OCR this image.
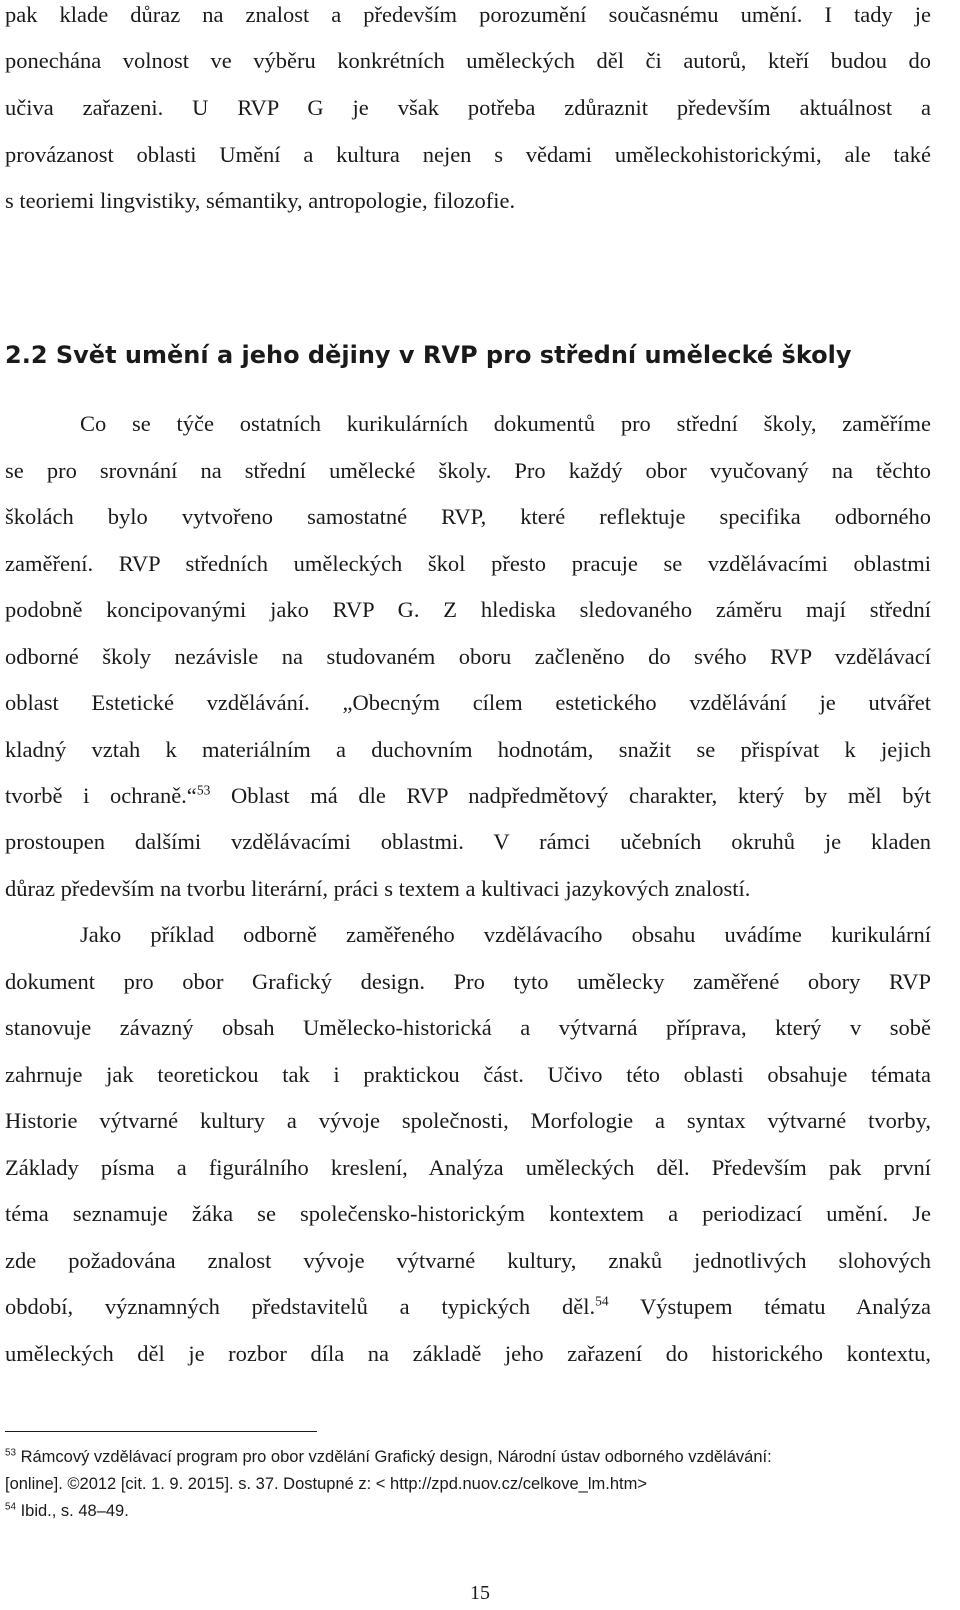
pak klade důraz na znalost a především porozumění současnému umění. I tady je
ponechána volnost ve výběru konkrétních uměleckých děl či autorů, kteří budou do
učiva zařazeni. U RVP G je však potřeba zdůraznit především aktuálnost a
provázanost oblasti Umění a kultura nejen s vědami uměleckohistorickými, ale také
s teoriemi lingvistiky, sémantiky, antropologie, filozofie.
2.2 Svět umění a jeho dějiny v RVP pro střední umělecké školy
Co se týče ostatních kurikulárních dokumentů pro střední školy, zaměříme
se pro srovnání na střední umělecké školy. Pro každý obor vyučovaný na těchto
školách bylo vytvořeno samostatné RVP, které reflektuje specifika odborného
zaměření. RVP středních uměleckých škol přesto pracuje se vzdělávacími oblastmi
podobně koncipovanými jako RVP G. Z hlediska sledovaného záměru mají střední
odborné školy nezávisle na studovaném oboru začleněno do svého RVP vzdělávací
oblast Estetické vzdělávání. „Obecným cílem estetického vzdělávání je utvářet
kladný vztah k materiálním a duchovním hodnotám, snažit se přispívat k jejich
tvorbě i ochraně.“$^{53}$ Oblast má dle RVP nadpředmětový charakter, který by měl být
prostoupen dalšími vzdělávacími oblastmi. V rámci učebních okruhů je kladen
důraz především na tvorbu literární, práci s textem a kultivaci jazykových znalostí.
Jako příklad odborně zaměřeného vzdělávacího obsahu uvádíme kurikulární
dokument pro obor Grafický design. Pro tyto umělecky zaměřené obory RVP
stanovuje závazný obsah Umělecko-historická a výtvarná příprava, který v sobě
zahrnuje jak teoretickou tak i praktickou část. Učivo této oblasti obsahuje témata
Historie výtvarné kultury a vývoje společnosti, Morfologie a syntax výtvarné tvorby,
Základy písma a figurálního kreslení, Analýza uměleckých děl. Především pak první
téma seznamuje žáka se společensko-historickým kontextem a periodizací umění. Je
zde požadována znalost vývoje výtvarné kultury, znaků jednotlivých slohových
období, významných představitelů a typických děl.$^{54}$ Výstupem tématu Analýza
uměleckých děl je rozbor díla na základě jeho zařazení do historického kontextu,
$^{53}$ Rámcový vzdělávací program pro obor vzdělání Grafický design, Národní ústav odborného vzdělávání:
[online]. ©2012 [cit. 1. 9. 2015]. s. 37. Dostupné z: < http://zpd.nuov.cz/celkove_lm.htm>
$^{54}$ Ibid., s. 48–49.
15
